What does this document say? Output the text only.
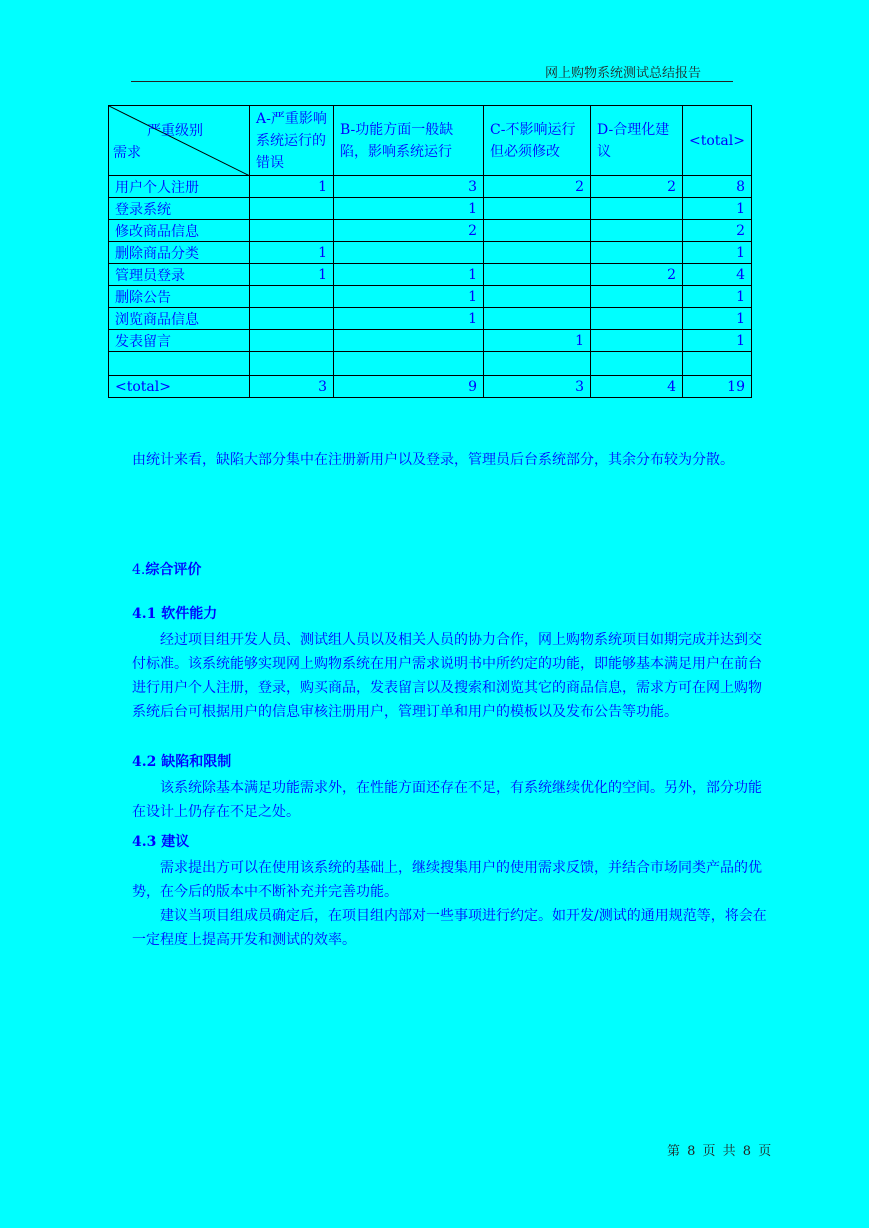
网上购物系统测试总结报告
严重级别
需求	A-严重影响系统运行的错误	B-功能方面一般缺陷，影响系统运行	C-不影响运行但必须修改	D-合理化建议	<total>
用户个人注册	1	3	2	2	8
登录系统		1			1
修改商品信息		2			2
删除商品分类	1				1
管理员登录	1	1		2	4
删除公告		1			1
浏览商品信息		1			1
发表留言			1		1

<total>	3	9	3	4	19

由统计来看，缺陷大部分集中在注册新用户以及登录，管理员后台系统部分，其余分布较为分散。

4.综合评价

4.1 软件能力

经过项目组开发人员、测试组人员以及相关人员的协力合作，网上购物系统项目如期完成并达到交付标准。该系统能够实现网上购物系统在用户需求说明书中所约定的功能，即能够基本满足用户在前台进行用户个人注册，登录，购买商品，发表留言以及搜索和浏览其它的商品信息，需求方可在网上购物系统后台可根据用户的信息审核注册用户，管理订单和用户的模板以及发布公告等功能。

4.2 缺陷和限制

该系统除基本满足功能需求外，在性能方面还存在不足，有系统继续优化的空间。另外，部分功能在设计上仍存在不足之处。

4.3 建议

需求提出方可以在使用该系统的基础上，继续搜集用户的使用需求反馈，并结合市场同类产品的优势，在今后的版本中不断补充并完善功能。

建议当项目组成员确定后，在项目组内部对一些事项进行约定。如开发/测试的通用规范等，将会在一定程度上提高开发和测试的效率。

第 8 页 共 8 页
